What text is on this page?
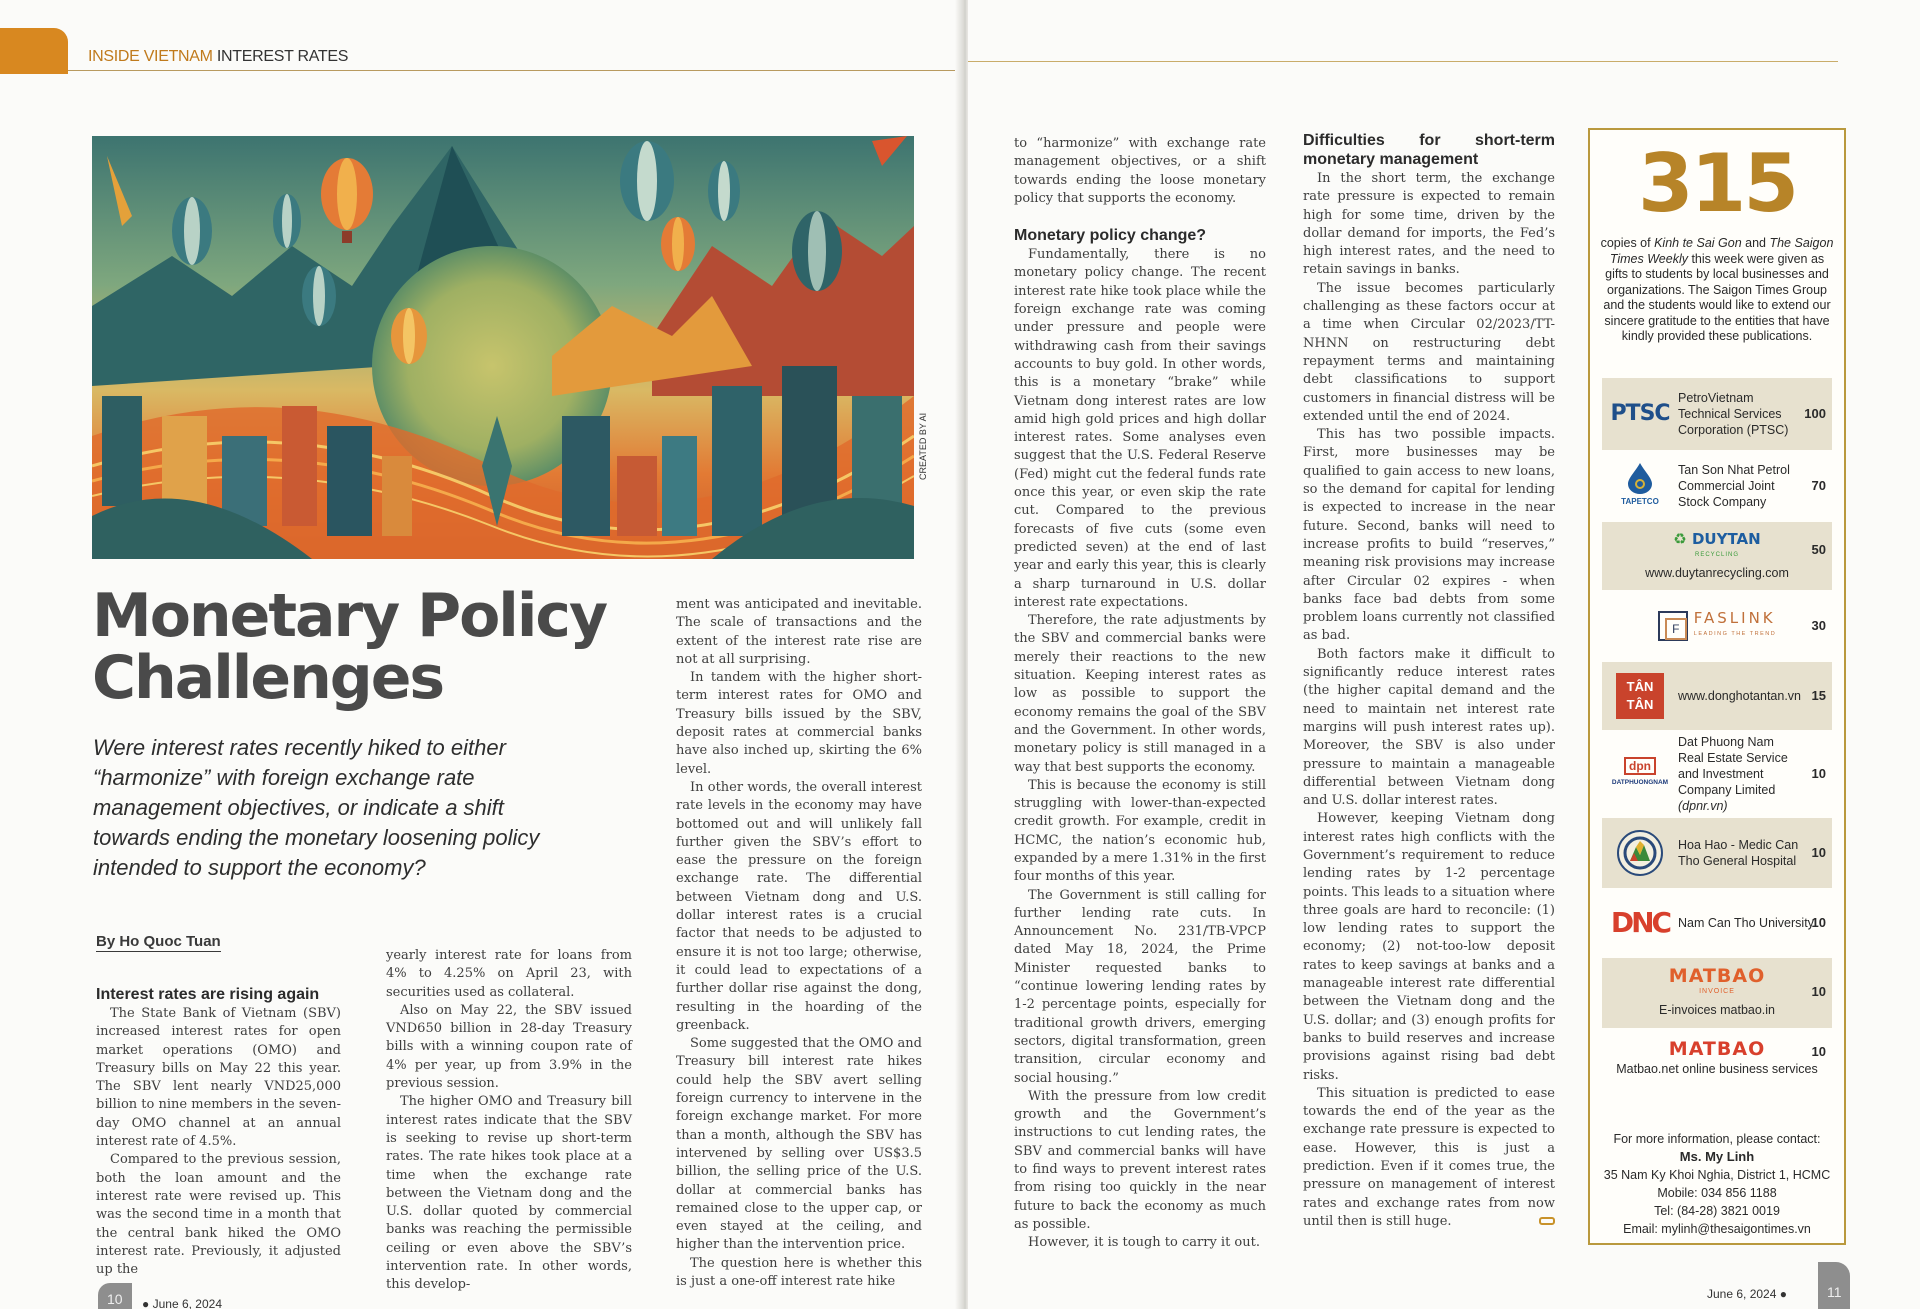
INSIDE VIETNAM INTEREST RATES
CREATED BY AI
Monetary Policy
Challenges
Were interest rates recently hiked to either “harmonize” with foreign exchange rate management objectives, or indicate a shift towards ending the monetary loosening policy intended to support the economy?
By Ho Quoc Tuan
Interest rates are rising again

The State Bank of Vietnam (SBV) increased interest rates for open market operations (OMO) and Treasury bills on May 22 this year. The SBV lent nearly VND25,000 billion to nine members in the seven-day OMO channel at an annual interest rate of 4.5%.

Compared to the previous session, both the loan amount and the interest rate were revised up. This was the second time in a month that the central bank hiked the OMO interest rate. Previously, it adjusted up the

yearly interest rate for loans from 4% to 4.25% on April 23, with securities used as collateral.

Also on May 22, the SBV issued VND650 billion in 28-day Treasury bills with a winning coupon rate of 4% per year, up from 3.9% in the previous session.

The higher OMO and Treasury bill interest rates indicate that the SBV is seeking to revise up short-term rates. The rate hikes took place at a time when the exchange rate between the Vietnam dong and the U.S. dollar quoted by commercial banks was reaching the permissible ceiling or even above the SBV’s intervention rate. In other words, this develop-

ment was anticipated and inevitable. The scale of transactions and the extent of the interest rate rise are not at all surprising.

In tandem with the higher short-term interest rates for OMO and Treasury bills issued by the SBV, deposit rates at commercial banks have also inched up, skirting the 6% level.

In other words, the overall interest rate levels in the economy may have bottomed out and will unlikely fall further given the SBV’s effort to ease the pressure on the foreign exchange rate. The differential between Vietnam dong and U.S. dollar interest rates is a crucial factor that needs to be adjusted to ensure it is not too large; otherwise, it could lead to expectations of a further dollar rise against the dong, resulting in the hoarding of the greenback.

Some suggested that the OMO and Treasury bill interest rate hikes could help the SBV avert selling foreign currency to intervene in the foreign exchange market. For more than a month, although the SBV has intervened by selling over US$3.5 billion, the selling price of the U.S. dollar at commercial banks has remained close to the upper cap, or even stayed at the ceiling, and higher than the intervention price.

The question here is whether this is just a one-off interest rate hike

10	● June 6, 2024

to “harmonize” with exchange rate management objectives, or a shift towards ending the loose monetary policy that supports the economy.

Monetary policy change?

Fundamentally, there is no monetary policy change. The recent interest rate hike took place while the foreign exchange rate was coming under pressure and people were withdrawing cash from their savings accounts to buy gold. In other words, this is a monetary “brake” while Vietnam dong interest rates are low amid high gold prices and high dollar interest rates. Some analyses even suggest that the U.S. Federal Reserve (Fed) might cut the federal funds rate once this year, or even skip the rate cut. Compared to the previous forecasts of five cuts (some even predicted seven) at the end of last year and early this year, this is clearly a sharp turnaround in U.S. dollar interest rate expectations.

Therefore, the rate adjustments by the SBV and commercial banks were merely their reactions to the new situation. Keeping interest rates as low as possible to support the economy remains the goal of the SBV and the Government. In other words, monetary policy is still managed in a way that best supports the economy.

This is because the economy is still struggling with lower-than-expected credit growth. For example, credit in HCMC, the nation’s economic hub, expanded by a mere 1.31% in the first four months of this year.

The Government is still calling for further lending rate cuts. In Announcement No. 231/TB-VPCP dated May 18, 2024, the Prime Minister requested banks to “continue lowering lending rates by 1-2 percentage points, especially for traditional growth drivers, emerging sectors, digital transformation, green transition, circular economy and social housing.”

With the pressure from low credit growth and the Government’s instructions to cut lending rates, the SBV and commercial banks will have to find ways to prevent interest rates from rising too quickly in the near future to back the economy as much as possible.

However, it is tough to carry it out.

Difficulties for short-term monetary management

In the short term, the exchange rate pressure is expected to remain high for some time, driven by the dollar demand for imports, the Fed’s high interest rates, and the need to retain savings in banks.

The issue becomes particularly challenging as these factors occur at a time when Circular 02/2023/TT-NHNN on restructuring debt repayment terms and maintaining debt classifications to support customers in financial distress will be extended until the end of 2024.

This has two possible impacts. First, more businesses may be qualified to gain access to new loans, so the demand for capital for lending is expected to increase in the near future. Second, banks will need to increase profits to build “reserves,” meaning risk provisions may increase after Circular 02 expires - when banks face bad debts from some problem loans currently not classified as bad.

Both factors make it difficult to significantly reduce interest rates (the higher capital demand and the need to maintain net interest rate margins will push interest rates up). Moreover, the SBV is also under pressure to maintain a manageable differential between Vietnam dong and U.S. dollar interest rates.

However, keeping Vietnam dong interest rates high conflicts with the Government’s requirement to reduce lending rates by 1-2 percentage points. This leads to a situation where three goals are hard to reconcile: (1) low lending rates to support the economy; (2) not-too-low deposit rates to keep savings at banks and a manageable interest rate differential between the Vietnam dong and the U.S. dollar; and (3) enough profits for banks to build reserves and increase provisions against rising bad debt risks.

This situation is predicted to ease towards the end of the year as the exchange rate pressure is expected to ease. However, this is just a prediction. Even if it comes true, the pressure on management of interest rates and exchange rates from now until then is still huge.

315
copies of Kinh te Sai Gon and The Saigon Times Weekly this week were given as gifts to students by local businesses and organizations. The Saigon Times Group and the students would like to extend our sincere gratitude to the entities that have kindly provided these publications.
PTSC
PetroVietnam Technical Services Corporation (PTSC)
100
TAPETCO
Tan Son Nhat Petrol Commercial Joint Stock Company
70
♻ DUYTAN
RECYCLING
www.duytanrecycling.com
50
F
FASLINK
LEADING THE TREND
30
TÂN TÂN
www.donghotantan.vn 15
dpn
DATPHUONGNAM
Dat Phuong Nam Real Estate Service and Investment Company Limited (dpnr.vn)
10
Hoa Hao - Medic Can Tho General Hospital
10
DNC Nam Can Tho University
10
MATBAO
INVOICE
E-invoices matbao.in
10
MATBAO
Matbao.net online business services
10
For more information, please contact:
Ms. My Linh
35 Nam Ky Khoi Nghia, District 1, HCMC
Mobile: 034 856 1188
Tel: (84-28) 3821 0019
Email: mylinh@thesaigontimes.vn
June 6, 2024 ●	11
